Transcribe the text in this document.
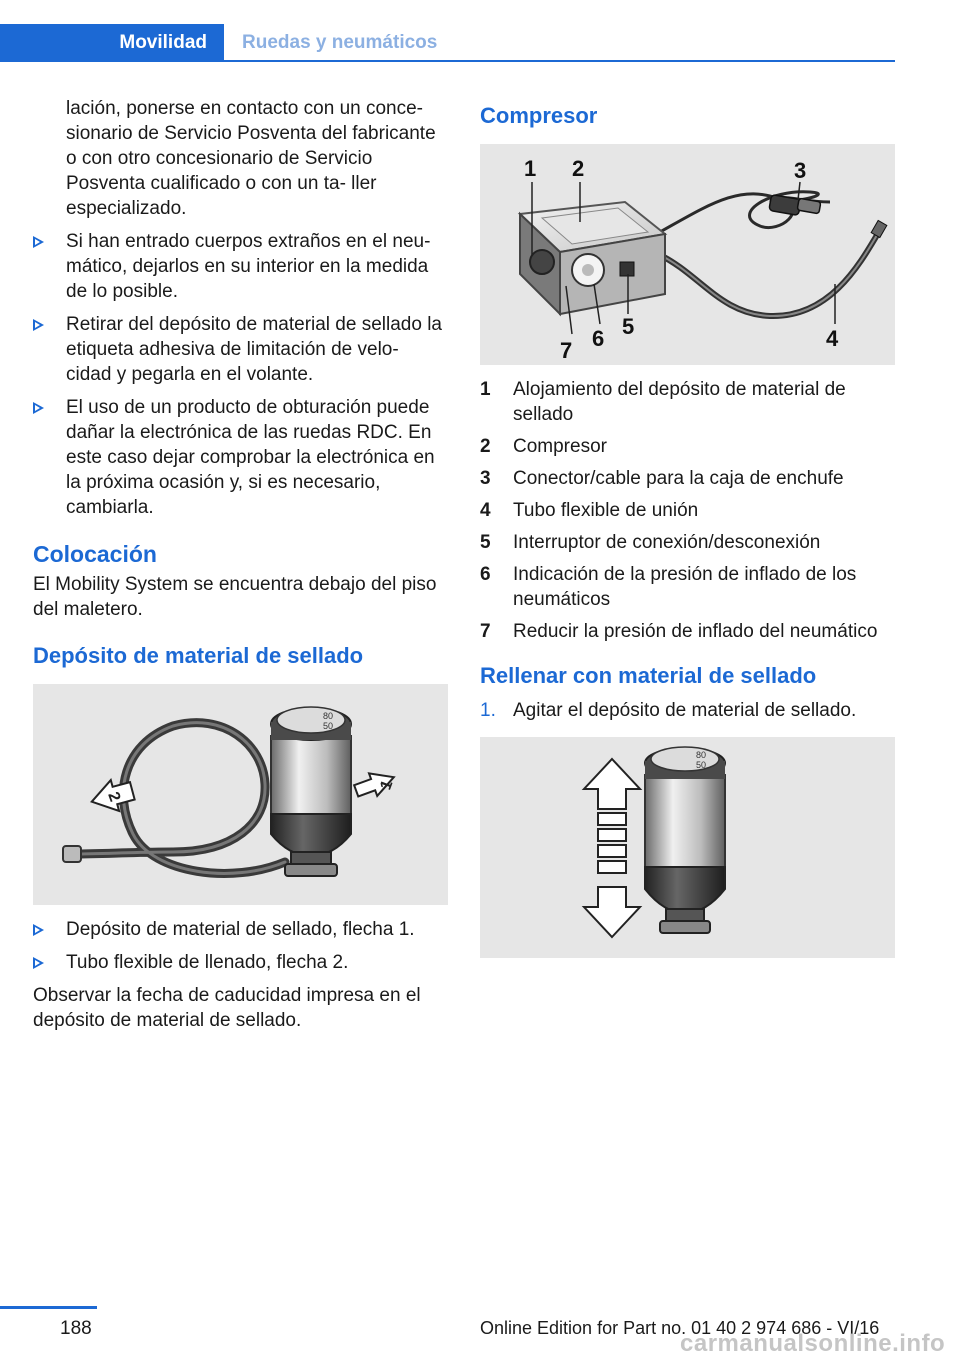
Movilidad	Ruedas y neumáticos

lación, ponerse en contacto con un conce‐ sionario de Servicio Posventa del fabricante o con otro concesionario de Servicio Posventa cualificado o con un ta‐ ller especializado.

Si han entrado cuerpos extraños en el neu‐ mático, dejarlos en su interior en la medida de lo posible.
Retirar del depósito de material de sellado la etiqueta adhesiva de limitación de velo‐ cidad y pegarla en el volante.
El uso de un producto de obturación puede dañar la electrónica de las ruedas RDC. En este caso dejar comprobar la electrónica en la próxima ocasión y, si es necesario, cambiarla.
Colocación

El Mobility System se encuentra debajo del piso del maletero.

Depósito de material de sellado
80
50
1
2
Depósito de material de sellado, flecha 1.
Tubo flexible de llenado, flecha 2.

Observar la fecha de caducidad impresa en el depósito de material de sellado.

Compresor
1 2	3
4
5
6
7
1	Alojamiento del depósito de material de sellado
2	Compresor
3	Conector/cable para la caja de enchufe
4	Tubo flexible de unión
5	Interruptor de conexión/desconexión
6	Indicación de la presión de inflado de los neumáticos
7	Reducir la presión de inflado del neumático
Rellenar con material de sellado
1. Agitar el depósito de material de sellado.
80
50
188	Online Edition for Part no. 01 40 2 974 686 - VI/16
carmanualsonline.info
